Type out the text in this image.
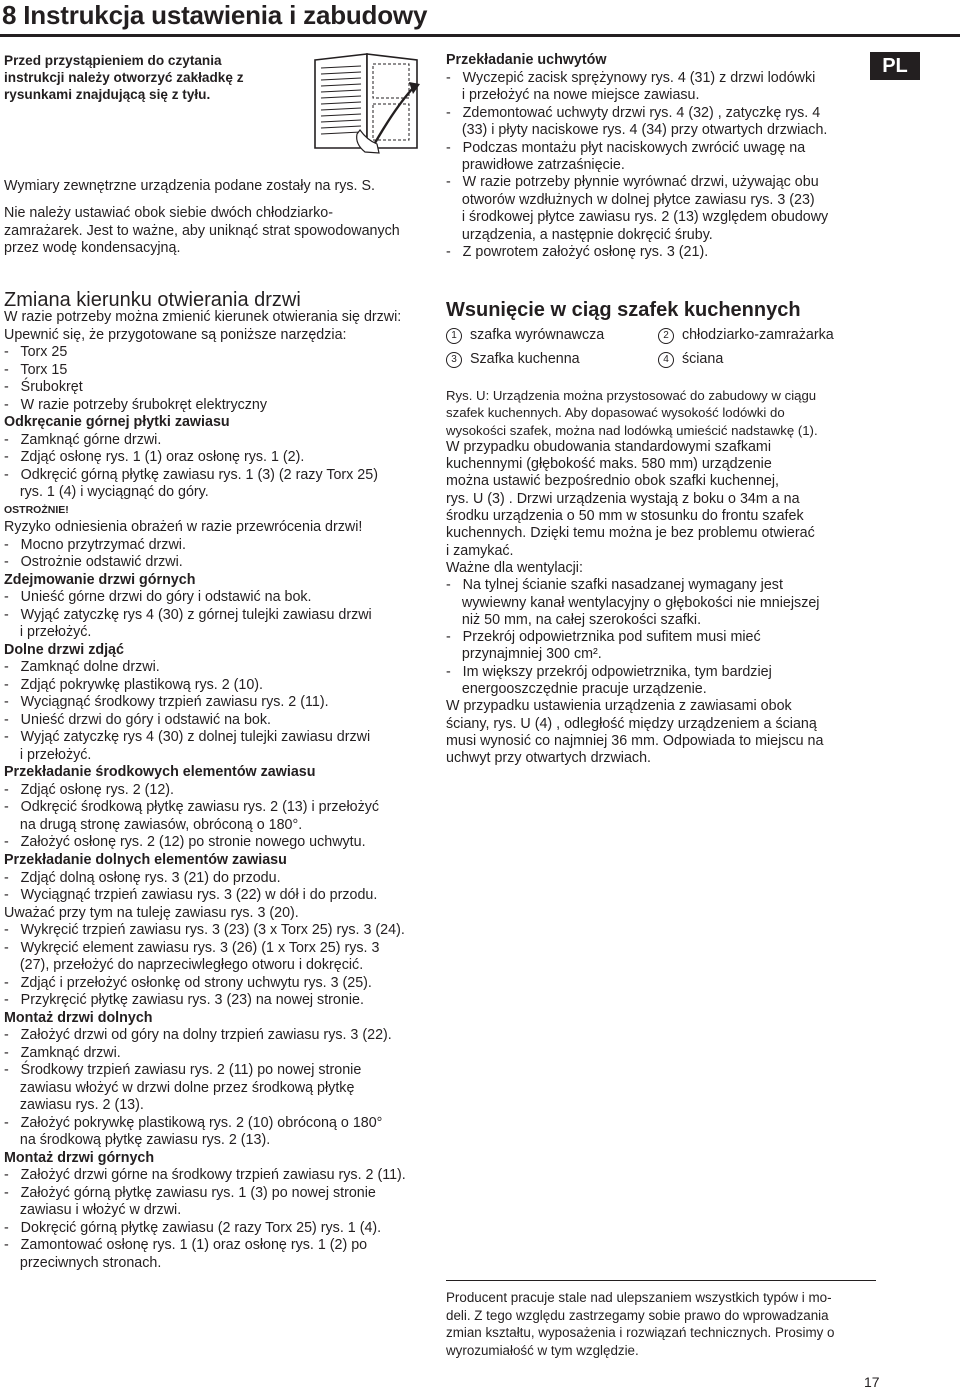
8 Instrukcja ustawienia i zabudowy
PL

Przed przystąpieniem do czytania

instrukcji należy otworzyć zakładkę z

rysunkami znajdującą się z tyłu.

Wymiary zewnętrzne urządzenia podane zostały na rys. S.

Nie należy ustawiać obok siebie dwóch chłodziarko-

zamrażarek. Jest to ważne, aby uniknąć strat spowodowanych

przez wodę kondensacyjną.

Zmiana kierunku otwierania drzwi

W razie potrzeby można zmienić kierunek otwierania się drzwi:

Upewnić się, że przygotowane są poniższe narzędzia:

-   Torx 25

-   Torx 15

-   Śrubokręt

-   W razie potrzeby śrubokręt elektryczny

Odkręcanie górnej płytki zawiasu

-   Zamknąć górne drzwi.

-   Zdjąć osłonę rys. 1 (1) oraz osłonę rys. 1 (2).

-   Odkręcić górną płytkę zawiasu rys. 1 (3) (2 razy Torx 25)

rys. 1 (4) i wyciągnąć do góry.

OSTROŻNIE!

Ryzyko odniesienia obrażeń w razie przewrócenia drzwi!

-   Mocno przytrzymać drzwi.

-   Ostrożnie odstawić drzwi.

Zdejmowanie drzwi górnych

-   Unieść górne drzwi do góry i odstawić na bok.

-   Wyjąć zatyczkę rys 4 (30) z górnej tulejki zawiasu drzwi

i przełożyć.

Dolne drzwi zdjąć

-   Zamknąć dolne drzwi.

-   Zdjąć pokrywkę plastikową rys. 2 (10).

-   Wyciągnąć środkowy trzpień zawiasu rys. 2 (11).

-   Unieść drzwi do góry i odstawić na bok.

-   Wyjąć zatyczkę rys 4 (30) z dolnej tulejki zawiasu drzwi

i przełożyć.

Przekładanie środkowych elementów zawiasu

-   Zdjąć osłonę rys. 2 (12).

-   Odkręcić środkową płytkę zawiasu rys. 2 (13) i przełożyć

na drugą stronę zawiasów, obróconą o 180°.

-   Założyć osłonę rys. 2 (12) po stronie nowego uchwytu.

Przekładanie dolnych elementów zawiasu

-   Zdjąć dolną osłonę rys. 3 (21) do przodu.

-   Wyciągnąć trzpień zawiasu rys. 3 (22) w dół i do przodu.

Uważać przy tym na tuleję zawiasu rys. 3 (20).

-   Wykręcić trzpień zawiasu rys. 3 (23) (3 x Torx 25) rys. 3 (24).

-   Wykręcić element zawiasu rys. 3 (26) (1 x Torx 25) rys. 3

(27), przełożyć do naprzeciwległego otworu i dokręcić.

-   Zdjąć i przełożyć osłonkę od strony uchwytu rys. 3 (25).

-   Przykręcić płytkę zawiasu rys. 3 (23) na nowej stronie.

Montaż drzwi dolnych

-   Założyć drzwi od góry na dolny trzpień zawiasu rys. 3 (22).

-   Zamknąć drzwi.

-   Środkowy trzpień zawiasu rys. 2 (11) po nowej stronie

zawiasu włożyć w drzwi dolne przez środkową płytkę

zawiasu rys. 2 (13).

-   Założyć pokrywkę plastikową rys. 2 (10) obróconą o 180°

na środkową płytkę zawiasu rys. 2 (13).

Montaż drzwi górnych

-   Założyć drzwi górne na środkowy trzpień zawiasu rys. 2 (11).

-   Założyć górną płytkę zawiasu rys. 1 (3) po nowej stronie

zawiasu i włożyć w drzwi.

-   Dokręcić górną płytkę zawiasu (2 razy Torx 25) rys. 1 (4).

-   Zamontować osłonę rys. 1 (1) oraz osłonę rys. 1 (2) po

przeciwnych stronach.

Przekładanie uchwytów

-   Wyczepić zacisk sprężynowy rys. 4 (31) z drzwi lodówki

i przełożyć na nowe miejsce zawiasu.

-   Zdemontować uchwyty drzwi rys. 4 (32) , zatyczkę rys. 4

(33) i płyty naciskowe rys. 4 (34) przy otwartych drzwiach.

-   Podczas montażu płyt naciskowych zwrócić uwagę na

prawidłowe zatrzaśnięcie.

-   W razie potrzeby płynnie wyrównać drzwi, używając obu

otworów wzdłużnych w dolnej płytce zawiasu rys. 3 (23)

i środkowej płytce zawiasu rys. 2 (13) względem obudowy

urządzenia, a następnie dokręcić śruby.

-   Z powrotem założyć osłonę rys. 3 (21).

Wsunięcie w ciąg szafek kuchennych
1 szafka wyrównawcza	2 chłodziarko-zamrażarka
3 Szafka kuchenna	4 ściana

Rys. U: Urządzenia można przystosować do zabudowy w ciągu

szafek kuchennych. Aby dopasować wysokość lodówki do

wysokości szafek, można nad lodówką umieścić nadstawkę (1).

W przypadku obudowania standardowymi szafkami

kuchennymi (głębokość maks. 580 mm) urządzenie

można ustawić bezpośrednio obok szafki kuchennej,

rys. U (3) . Drzwi urządzenia wystają z boku o 34m a na

środku urządzenia o 50 mm w stosunku do frontu szafek

kuchennych. Dzięki temu można je bez problemu otwierać

i zamykać.

Ważne dla wentylacji:

-   Na tylnej ścianie szafki nasadzanej wymagany jest

wywiewny kanał wentylacyjny o głębokości nie mniejszej

niż 50 mm, na całej szerokości szafki.

-   Przekrój odpowietrznika pod sufitem musi mieć

przynajmniej 300 cm².

-   Im większy przekrój odpowietrznika, tym bardziej

energooszczędnie pracuje urządzenie.

W przypadku ustawienia urządzenia z zawiasami obok

ściany, rys. U (4) , odległość między urządzeniem a ścianą

musi wynosić co najmniej 36 mm. Odpowiada to miejscu na

uchwyt przy otwartych drzwiach.

Producent pracuje stale nad ulepszaniem wszystkich typów i mo-

deli. Z tego względu zastrzegamy sobie prawo do wprowadzania

zmian kształtu, wyposażenia i rozwiązań technicznych. Prosimy o

wyrozumiałość w tym względzie.

17
